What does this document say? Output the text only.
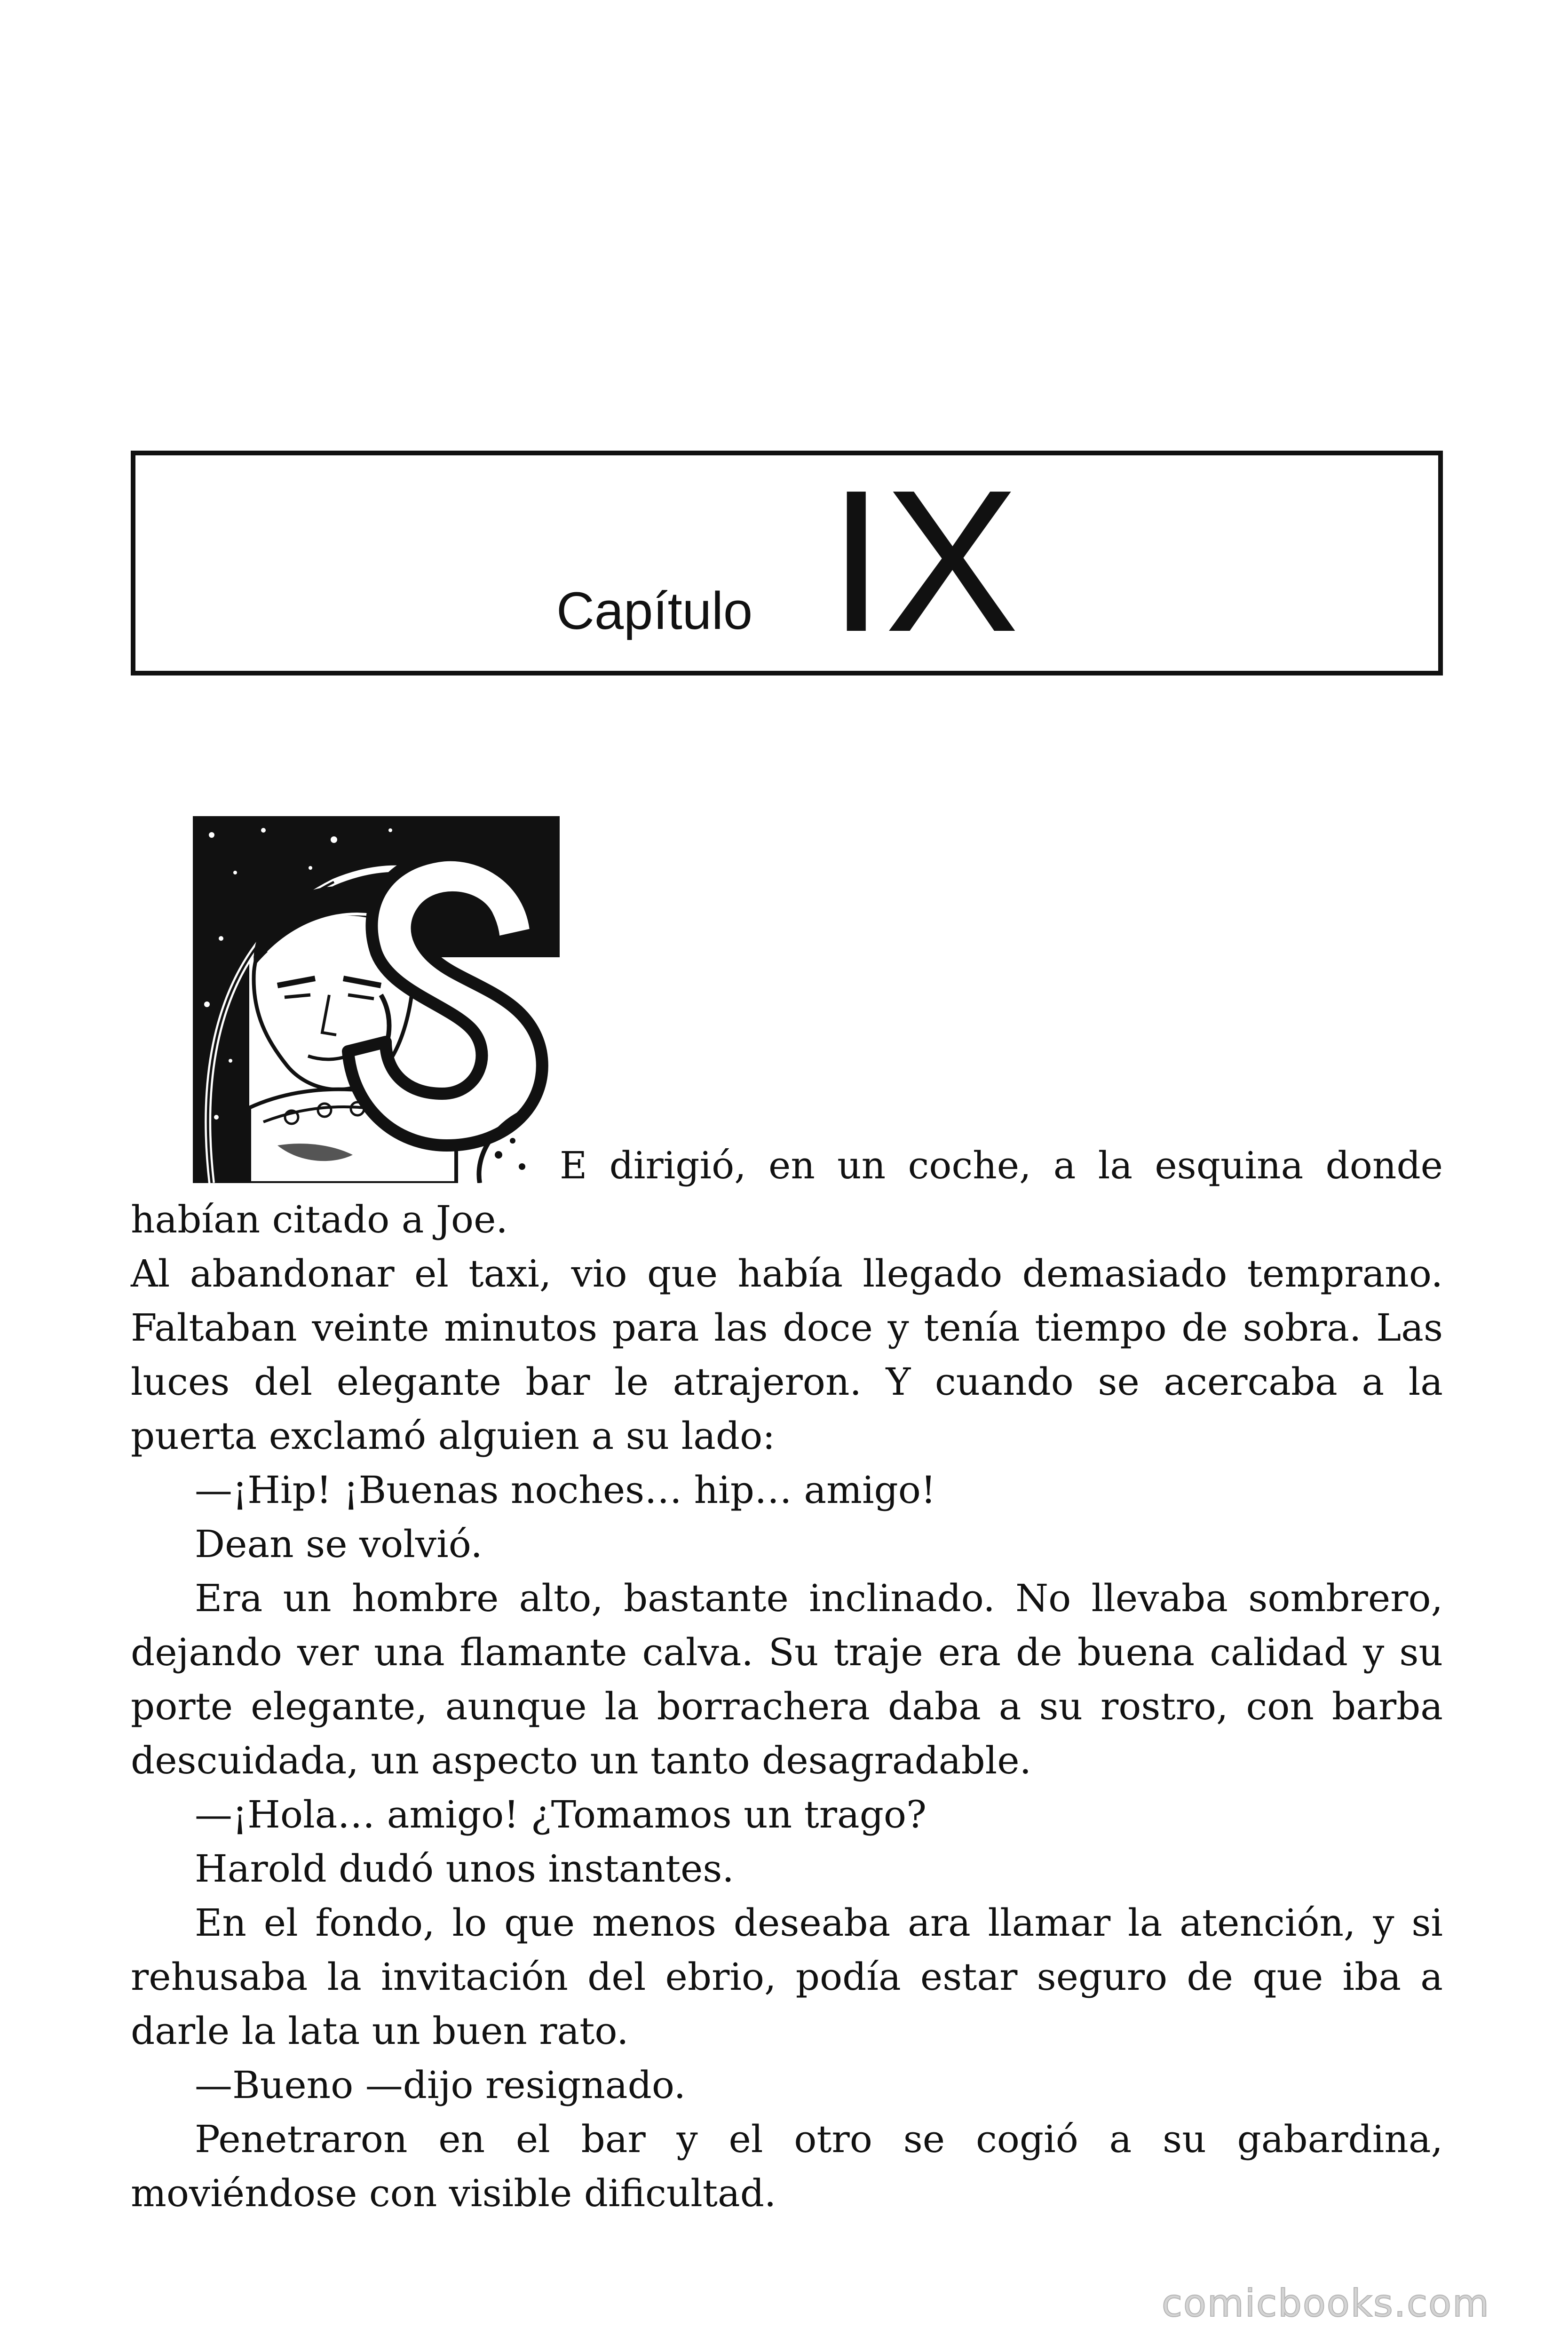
Capítulo IX
E dirigió, en un coche, a la esquina donde

habían citado a Joe.

Al abandonar el taxi, vio que había llegado demasiado temprano. Faltaban veinte minutos para las doce y tenía tiempo de sobra. Las luces del elegante bar le atrajeron. Y cuando se acercaba a la puerta exclamó alguien a su lado:

—¡Hip! ¡Buenas noches… hip… amigo!

Dean se volvió.

Era un hombre alto, bastante inclinado. No llevaba sombrero, dejando ver una flamante calva. Su traje era de buena calidad y su porte elegante, aunque la borrachera daba a su rostro, con barba descuidada, un aspecto un tanto desagradable.

—¡Hola… amigo! ¿Tomamos un trago?

Harold dudó unos instantes.

En el fondo, lo que menos deseaba ara llamar la atención, y si rehusaba la invitación del ebrio, podía estar seguro de que iba a darle la lata un buen rato.

—Bueno —dijo resignado.

Penetraron en el bar y el otro se cogió a su gabardina, moviéndose con visible dificultad.

comicbooks.com
